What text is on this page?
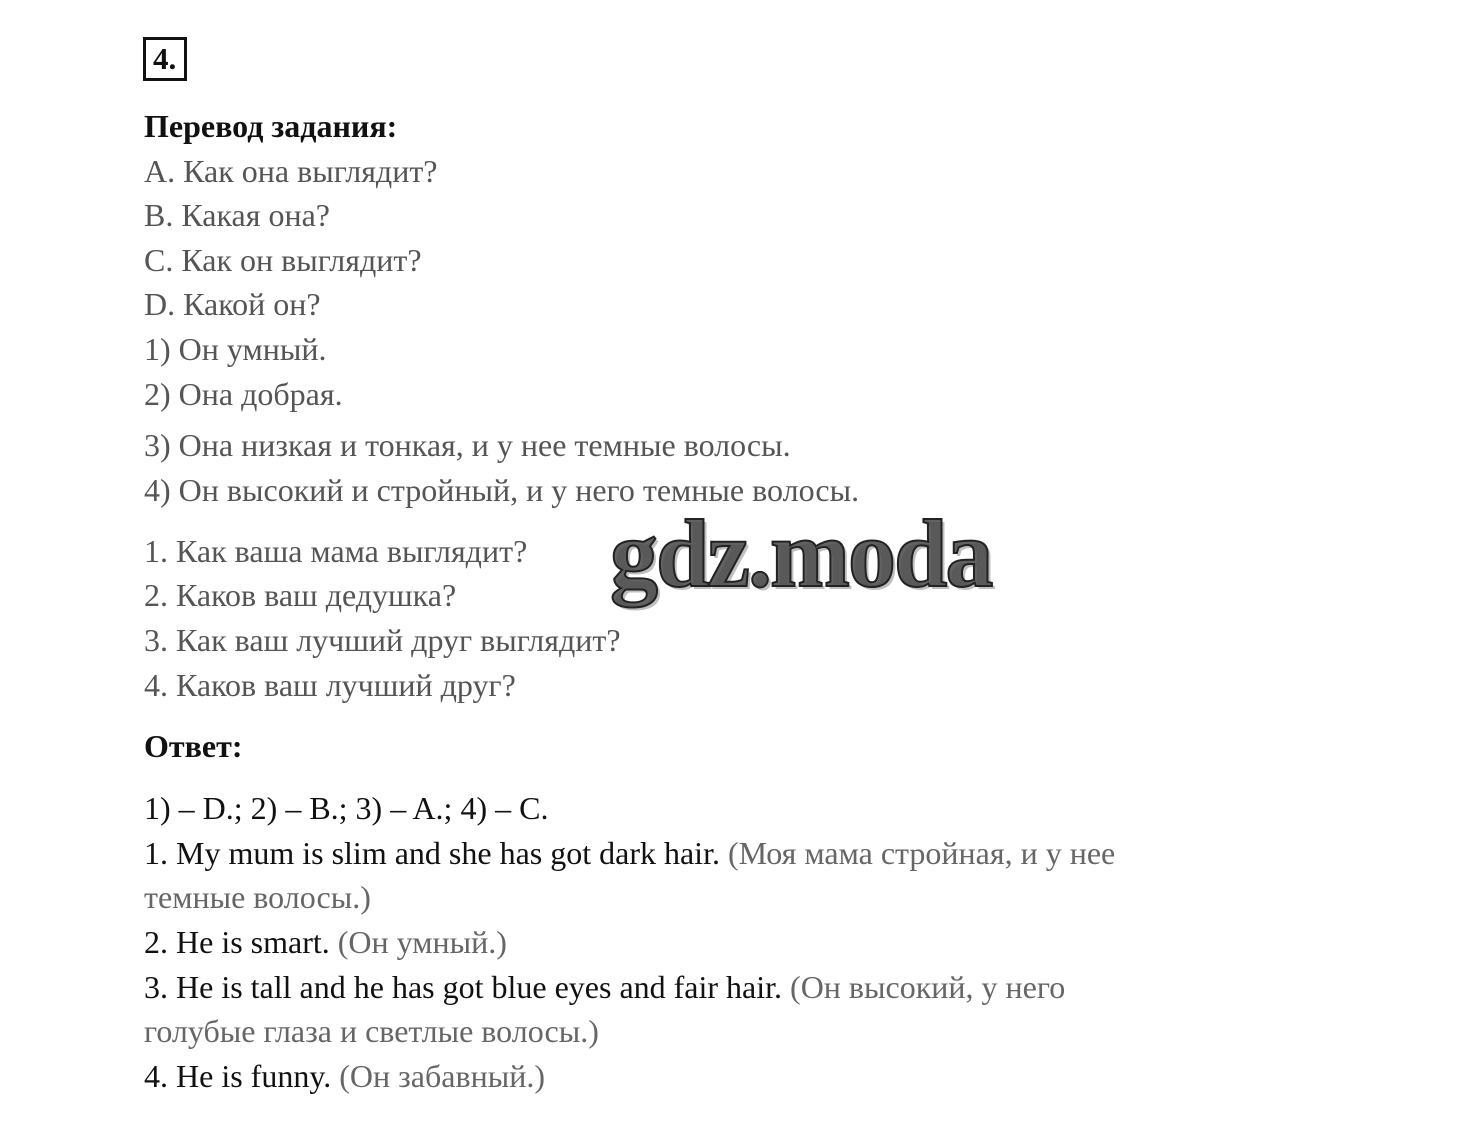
4.
Перевод задания:
A. Как она выглядит?
B. Какая она?
C. Как он выглядит?
D. Какой он?
1) Он умный.
2) Она добрая.
3) Она низкая и тонкая, и у нее темные волосы.
4) Он высокий и стройный, и у него темные волосы.
1. Как ваша мама выглядит?
2. Каков ваш дедушка?
3. Как ваш лучший друг выглядит?
4. Каков ваш лучший друг?
Ответ:
1) – D.; 2) – B.; 3) – A.; 4) – C.
1. My mum is slim and she has got dark hair. (Моя мама стройная, и у нее
темные волосы.)
2. He is smart. (Он умный.)
3. He is tall and he has got blue eyes and fair hair. (Он высокий, у него
голубые глаза и светлые волосы.)
4. He is funny. (Он забавный.)
gdz.moda
